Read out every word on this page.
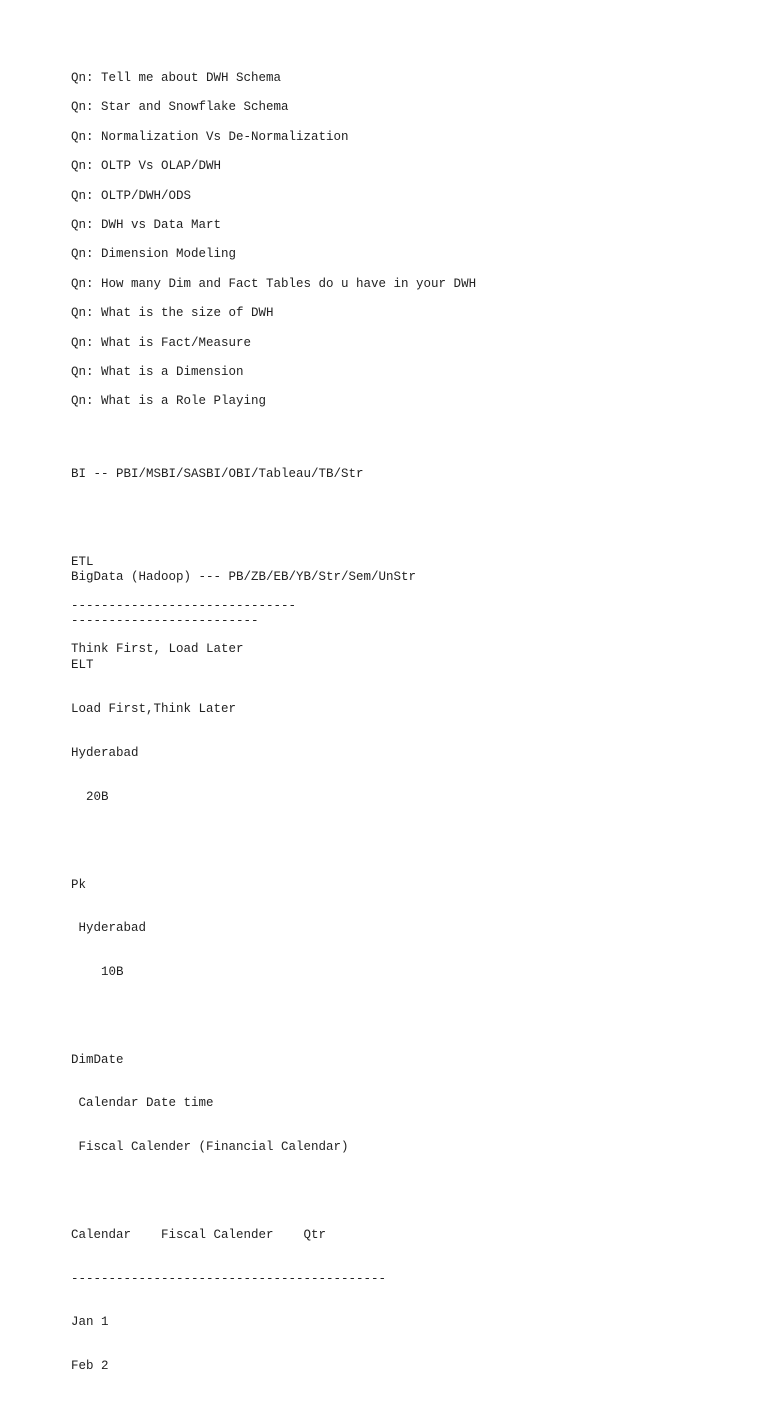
Qn: Tell me about DWH Schema
Qn: Star and Snowflake Schema
Qn: Normalization Vs De-Normalization
Qn: OLTP Vs OLAP/DWH
Qn: OLTP/DWH/ODS
Qn: DWH vs Data Mart
Qn: Dimension Modeling
Qn: How many Dim and Fact Tables do u have in your DWH
Qn: What is the size of DWH
Qn: What is Fact/Measure
Qn: What is a Dimension
Qn: What is a Role Playing

BI -- PBI/MSBI/SASBI/OBI/Tableau/TB/Str

ETL

------------------------------

Think First, Load Later

BigData (Hadoop) --- PB/ZB/EB/YB/Str/Sem/UnStr

-------------------------

ELT

Load First,Think Later

Hyderabad

20B

Pk

Hyderabad

10B

DimDate

Calendar Date time

Fiscal Calender (Financial Calendar)

Calendar    Fiscal Calender    Qtr

------------------------------------------

Jan 1

Feb 2
